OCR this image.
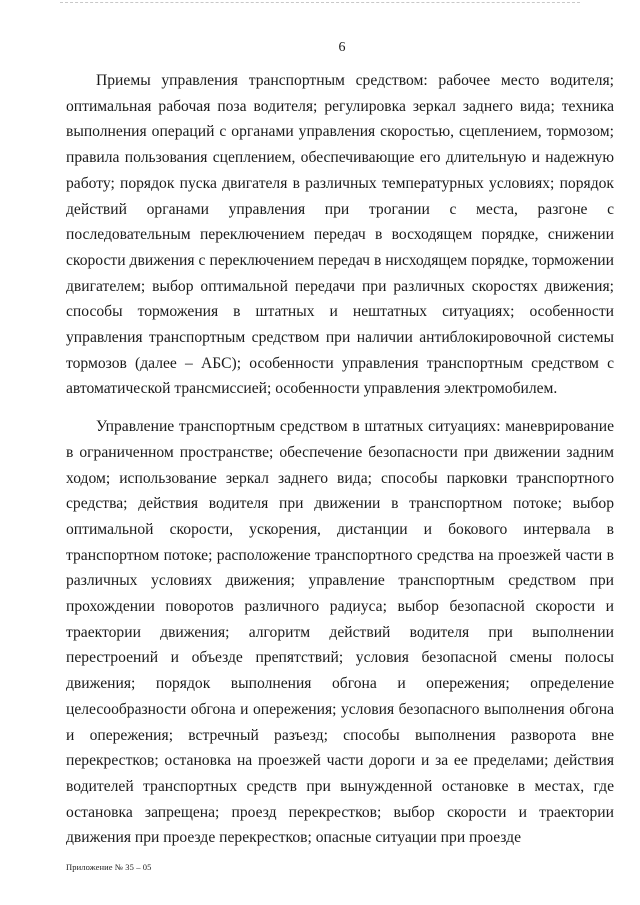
6

Приемы управления транспортным средством: рабочее место водителя; оптимальная рабочая поза водителя; регулировка зеркал заднего вида; техника выполнения операций с органами управления скоростью, сцеплением, тормозом; правила пользования сцеплением, обеспечивающие его длительную и надежную работу; порядок пуска двигателя в различных температурных условиях; порядок действий органами управления при трогании с места, разгоне с последовательным переключением передач в восходящем порядке, снижении скорости движения с переключением передач в нисходящем порядке, торможении двигателем; выбор оптимальной передачи при различных скоростях движения; способы торможения в штатных и нештатных ситуациях; особенности управления транспортным средством при наличии антиблокировочной системы тормозов (далее – АБС); особенности управления транспортным средством с автоматической трансмиссией; особенности управления электромобилем.

Управление транспортным средством в штатных ситуациях: маневрирование в ограниченном пространстве; обеспечение безопасности при движении задним ходом; использование зеркал заднего вида; способы парковки транспортного средства; действия водителя при движении в транспортном потоке; выбор оптимальной скорости, ускорения, дистанции и бокового интервала в транспортном потоке; расположение транспортного средства на проезжей части в различных условиях движения; управление транспортным средством при прохождении поворотов различного радиуса; выбор безопасной скорости и траектории движения; алгоритм действий водителя при выполнении перестроений и объезде препятствий; условия безопасной смены полосы движения; порядок выполнения обгона и опережения; определение целесообразности обгона и опережения; условия безопасного выполнения обгона и опережения; встречный разъезд; способы выполнения разворота вне перекрестков; остановка на проезжей части дороги и за ее пределами; действия водителей транспортных средств при вынужденной остановке в местах, где остановка запрещена; проезд перекрестков; выбор скорости и траектории движения при проезде перекрестков; опасные ситуации при проезде

Приложение № 35 – 05
